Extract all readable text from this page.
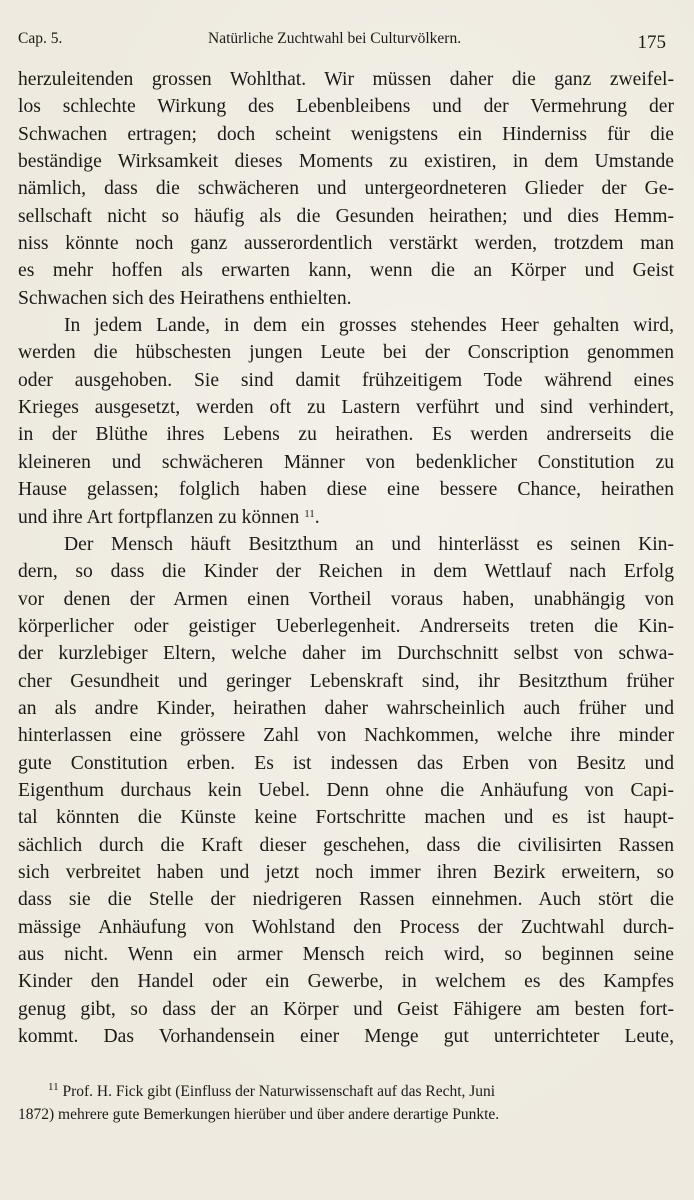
Cap. 5.	Natürliche Zuchtwahl bei Culturvölkern.	175
herzuleitenden grossen Wohlthat. Wir müssen daher die ganz zweifel-
los schlechte Wirkung des Lebenbleibens und der Vermehrung der
Schwachen ertragen; doch scheint wenigstens ein Hinderniss für die
beständige Wirksamkeit dieses Moments zu existiren, in dem Umstande
nämlich, dass die schwächeren und untergeordneteren Glieder der Ge-
sellschaft nicht so häufig als die Gesunden heirathen; und dies Hemm-
niss könnte noch ganz ausserordentlich verstärkt werden, trotzdem man
es mehr hoffen als erwarten kann, wenn die an Körper und Geist
Schwachen sich des Heirathens enthielten.
In jedem Lande, in dem ein grosses stehendes Heer gehalten wird,
werden die hübschesten jungen Leute bei der Conscription genommen
oder ausgehoben. Sie sind damit frühzeitigem Tode während eines
Krieges ausgesetzt, werden oft zu Lastern verführt und sind verhindert,
in der Blüthe ihres Lebens zu heirathen. Es werden andrerseits die
kleineren und schwächeren Männer von bedenklicher Constitution zu
Hause gelassen; folglich haben diese eine bessere Chance, heirathen
und ihre Art fortpflanzen zu können $^{11}$.
Der Mensch häuft Besitzthum an und hinterlässt es seinen Kin-
dern, so dass die Kinder der Reichen in dem Wettlauf nach Erfolg
vor denen der Armen einen Vortheil voraus haben, unabhängig von
körperlicher oder geistiger Ueberlegenheit. Andrerseits treten die Kin-
der kurzlebiger Eltern, welche daher im Durchschnitt selbst von schwa-
cher Gesundheit und geringer Lebenskraft sind, ihr Besitzthum früher
an als andre Kinder, heirathen daher wahrscheinlich auch früher und
hinterlassen eine grössere Zahl von Nachkommen, welche ihre minder
gute Constitution erben. Es ist indessen das Erben von Besitz und
Eigenthum durchaus kein Uebel. Denn ohne die Anhäufung von Capi-
tal könnten die Künste keine Fortschritte machen und es ist haupt-
sächlich durch die Kraft dieser geschehen, dass die civilisirten Rassen
sich verbreitet haben und jetzt noch immer ihren Bezirk erweitern, so
dass sie die Stelle der niedrigeren Rassen einnehmen. Auch stört die
mässige Anhäufung von Wohlstand den Process der Zuchtwahl durch-
aus nicht. Wenn ein armer Mensch reich wird, so beginnen seine
Kinder den Handel oder ein Gewerbe, in welchem es des Kampfes
genug gibt, so dass der an Körper und Geist Fähigere am besten fort-
kommt. Das Vorhandensein einer Menge gut unterrichteter Leute,
$^{11}$ Prof. H. Fick gibt (Einfluss der Naturwissenschaft auf das Recht, Juni
1872) mehrere gute Bemerkungen hierüber und über andere derartige Punkte.
